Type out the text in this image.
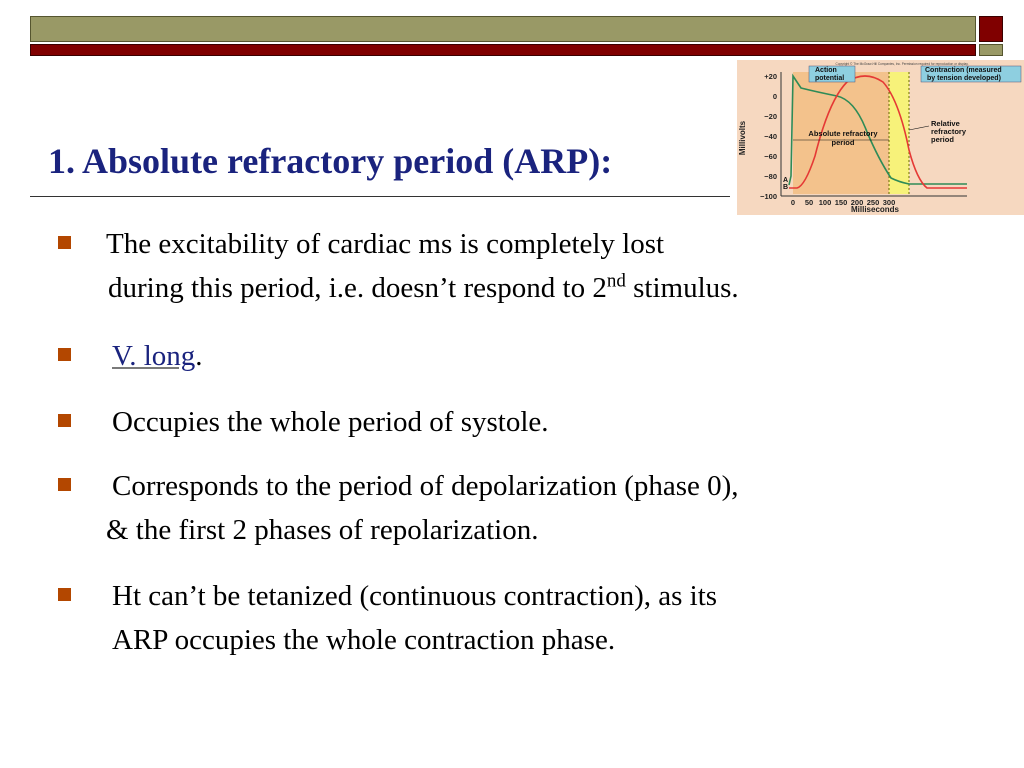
1. Absolute refractory period (ARP):
Copyright © The McGraw-Hill Companies, Inc. Permission required for reproduction or display.
+20
0
−20
−40
−60
−80
−100
0 50 100 150 200 250 300
Millivolts
Milliseconds
Action
potential
Contraction (measured
by tension developed)
Absolute refractory
period
Relative
refractory
period
A
B
The excitability of cardiac ms is completely lost
during this period, i.e. doesn’t respond to 2nd stimulus.
V. long.
Occupies the whole period of systole.
Corresponds to the period of depolarization (phase 0),
& the first 2 phases of repolarization.
Ht can’t be tetanized (continuous contraction), as its
ARP occupies the whole contraction phase.
